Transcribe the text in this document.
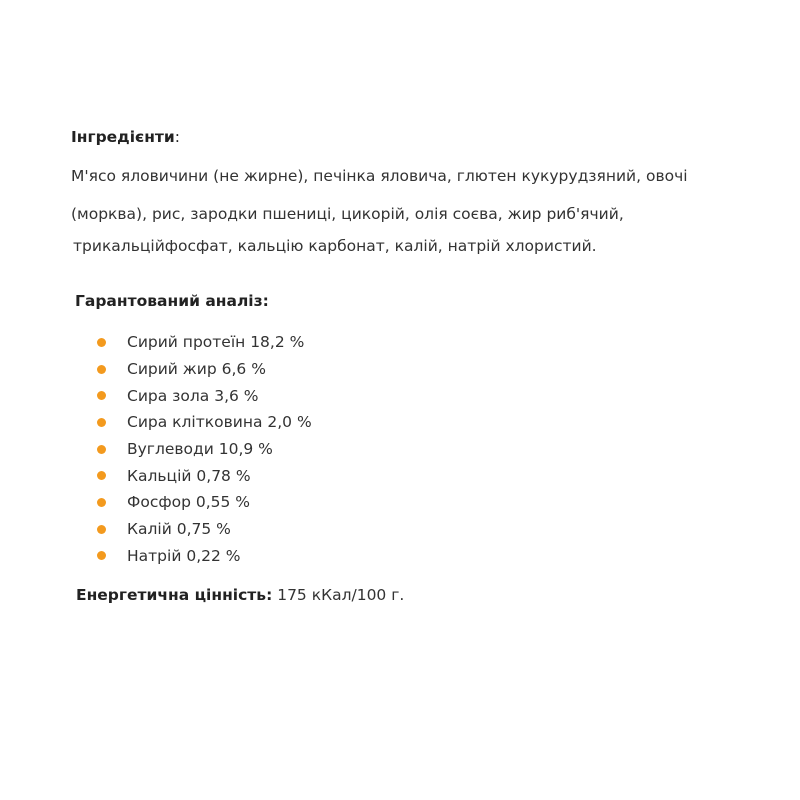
Інгредієнти:
М'ясо яловичини (не жирне), печінка яловича, глютен кукурудзяний, овочі
(морква), рис, зародки пшениці, цикорій, олія соєва, жир риб'ячий,
трикальційфосфат, кальцію карбонат, калій, натрій хлористий.
Гарантований аналіз:
Сирий протеїн 18,2 %
Сирий жир 6,6 %
Сира зола 3,6 %
Сира клітковина 2,0 %
Вуглеводи 10,9 %
Кальцій 0,78 %
Фосфор 0,55 %
Калій 0,75 %
Натрій 0,22 %
Енергетична цінність: 175 кКал/100 г.
